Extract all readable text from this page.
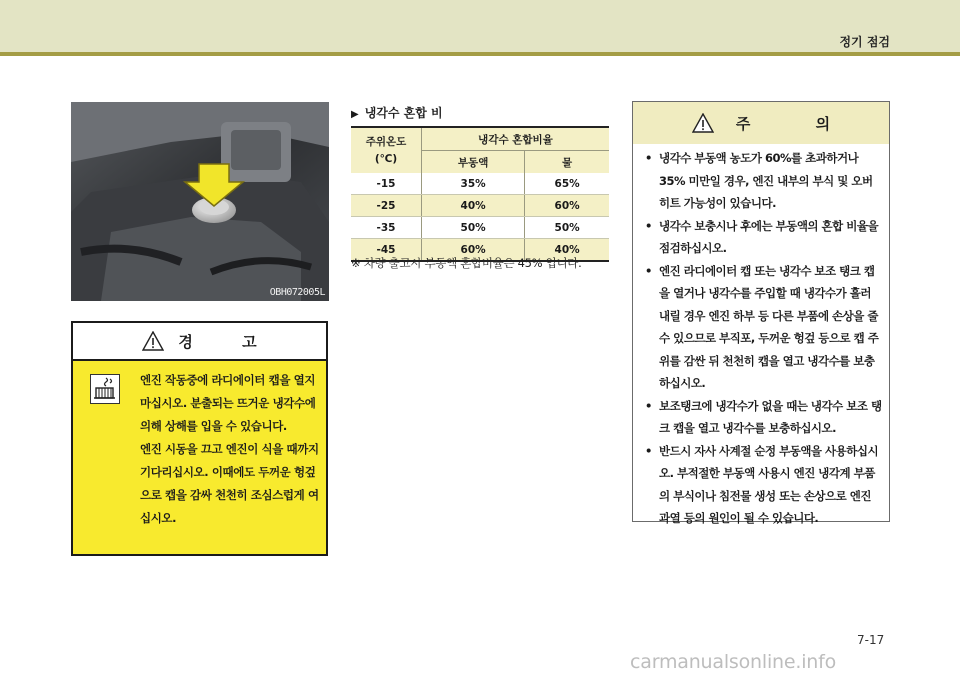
정기 점검
OBH072005L
경 고
엔진 작동중에 라디에이터 캡을 열지 마십시오. 분출되는 뜨거운 냉각수에 의해 상해를 입을 수 있습니다.
엔진 시동을 끄고 엔진이 식을 때까지 기다리십시오. 이때에도 두꺼운 헝겊으로 캡을 감싸 천천히 조심스럽게 여십시오.
▶ 냉각수 혼합 비
주위온도
(℃)	냉각수 혼합비율	
	부동액	물
-15	35%	65%
-25	40%	60%
-35	50%	50%
-45	60%	40%
※ 차량 출고시 부동액 혼합비율은 45% 입니다.
주 의
• 냉각수 부동액 농도가 60%를 초과하거나 35% 미만일 경우, 엔진 내부의 부식 및 오버 히트 가능성이 있습니다.
• 냉각수 보충시나 후에는 부동액의 혼합 비율을 점검하십시오.
• 엔진 라디에이터 캡 또는 냉각수 보조 탱크 캡을 열거나 냉각수를 주입할 때 냉각수가 흘러 내릴 경우 엔진 하부 등 다른 부품에 손상을 줄 수 있으므로 부직포, 두꺼운 헝겊 등으로 캡 주위를 감싼 뒤 천천히 캡을 열고 냉각수를 보충하십시오.
• 보조탱크에 냉각수가 없을 때는 냉각수 보조 탱크 캡을 열고 냉각수를 보충하십시오.
• 반드시 자사 사계절 순정 부동액을 사용하십시오. 부적절한 부동액 사용시 엔진 냉각계 부품의 부식이나 침전물 생성 또는 손상으로 엔진 과열 등의 원인이 될 수 있습니다.
7-17
carmanualsonline.info
